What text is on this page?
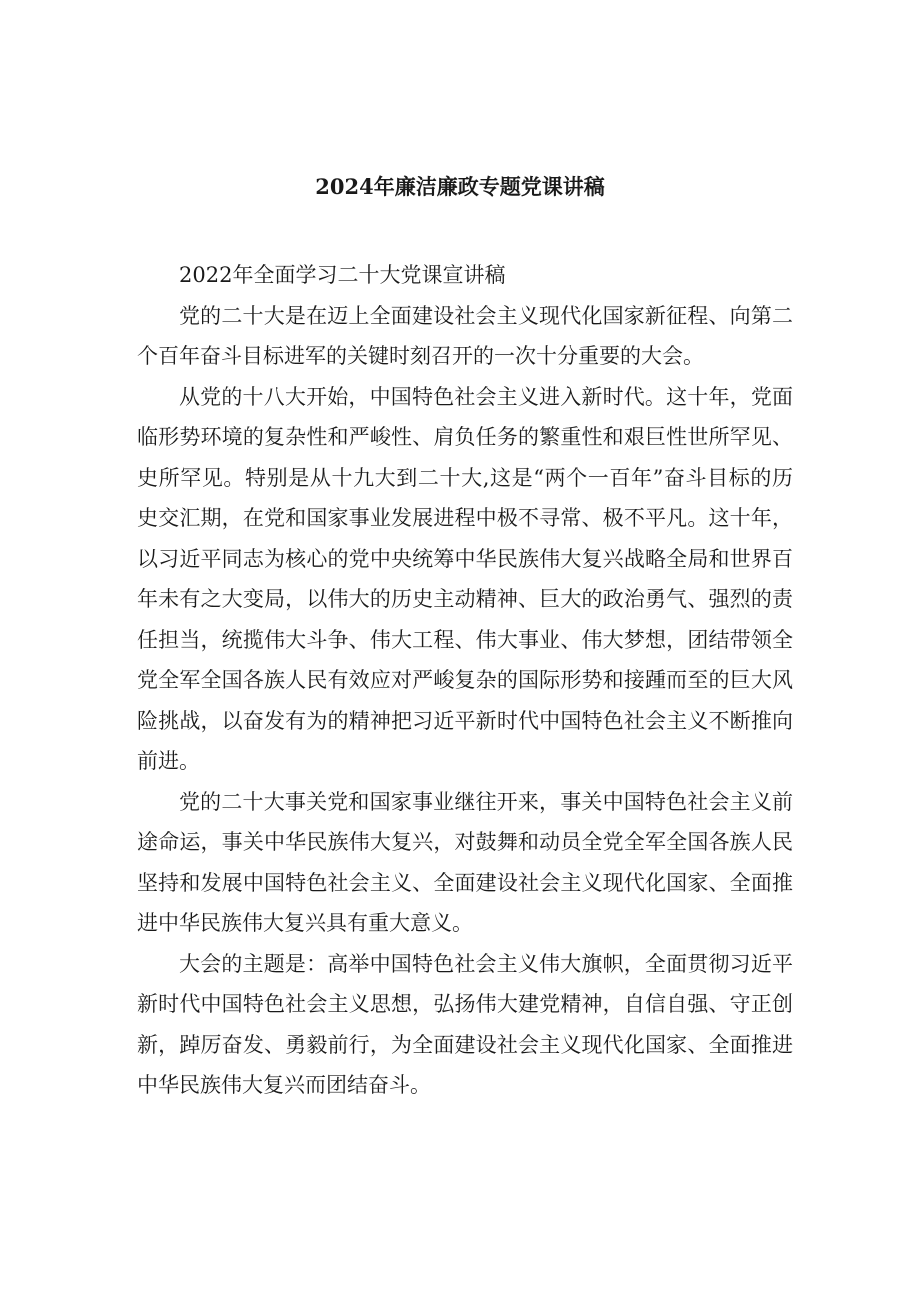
2024年廉洁廉政专题党课讲稿

2022年全面学习二十大党课宣讲稿

党的二十大是在迈上全面建设社会主义现代化国家新征程、向第二个百年奋斗目标进军的关键时刻召开的一次十分重要的大会。

从党的十八大开始，中国特色社会主义进入新时代。这十年，党面临形势环境的复杂性和严峻性、肩负任务的繁重性和艰巨性世所罕见、史所罕见。特别是从十九大到二十大,这是“两个一百年”奋斗目标的历史交汇期，在党和国家事业发展进程中极不寻常、极不平凡。这十年，以习近平同志为核心的党中央统筹中华民族伟大复兴战略全局和世界百年未有之大变局，以伟大的历史主动精神、巨大的政治勇气、强烈的责任担当，统揽伟大斗争、伟大工程、伟大事业、伟大梦想，团结带领全党全军全国各族人民有效应对严峻复杂的国际形势和接踵而至的巨大风险挑战，以奋发有为的精神把习近平新时代中国特色社会主义不断推向前进。

党的二十大事关党和国家事业继往开来，事关中国特色社会主义前途命运，事关中华民族伟大复兴，对鼓舞和动员全党全军全国各族人民坚持和发展中国特色社会主义、全面建设社会主义现代化国家、全面推进中华民族伟大复兴具有重大意义。

大会的主题是：高举中国特色社会主义伟大旗帜，全面贯彻习近平新时代中国特色社会主义思想，弘扬伟大建党精神，自信自强、守正创新，踔厉奋发、勇毅前行，为全面建设社会主义现代化国家、全面推进中华民族伟大复兴而团结奋斗。
